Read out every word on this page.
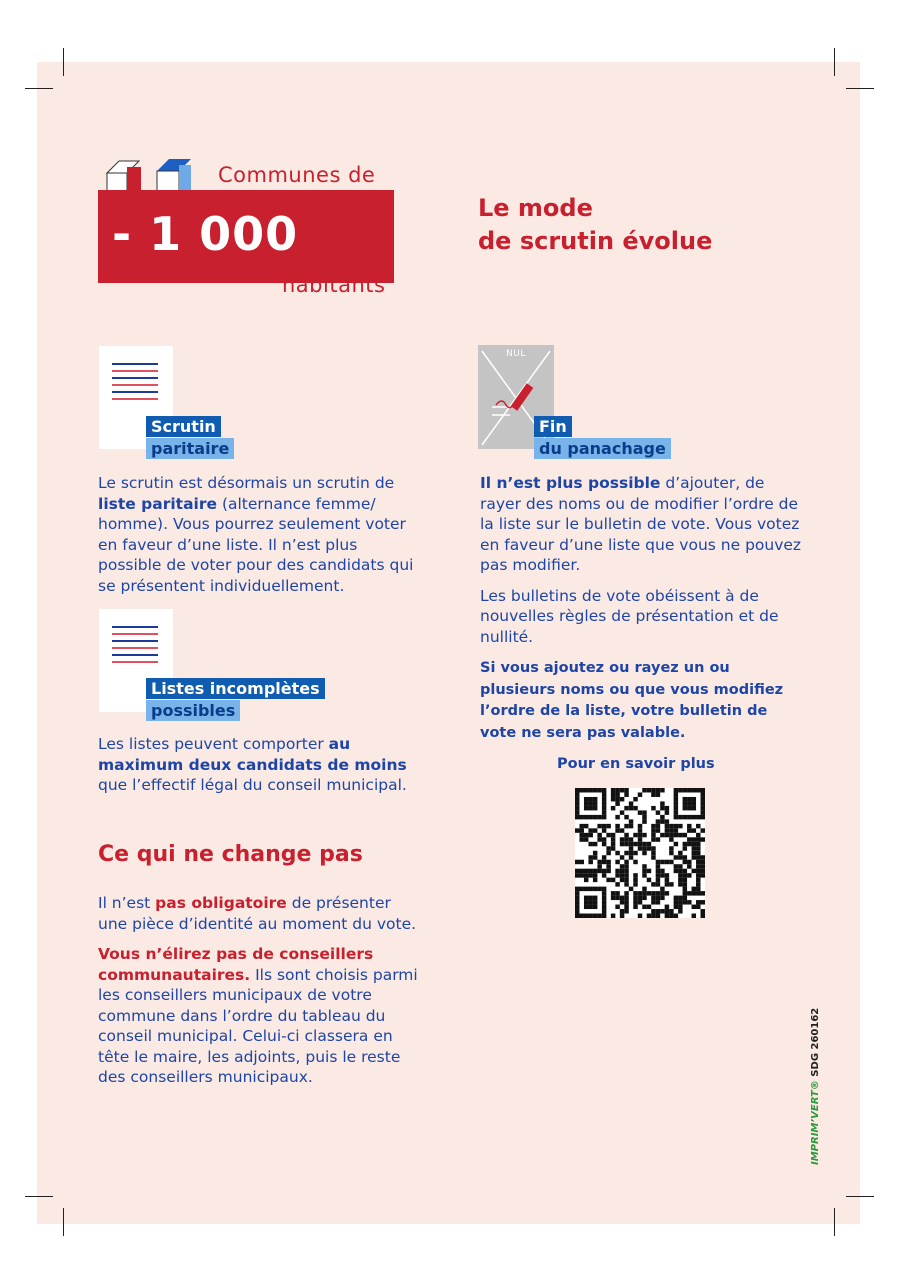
Communes de
- 1 000
habitants
Le mode
de scrutin évolue
Scrutin
paritaire

Le scrutin est désormais un scrutin de liste paritaire (alternance femme/ homme). Vous pourrez seulement voter en faveur d’une liste. Il n’est plus possible de voter pour des candidats qui se présentent individuellement.

Listes incomplètes
possibles

Les listes peuvent comporter au maximum deux candidats de moins que l’effectif légal du conseil municipal.

Ce qui ne change pas

Il n’est pas obligatoire de présenter une pièce d’identité au moment du vote.

Vous n’élirez pas de conseillers communautaires. Ils sont choisis parmi les conseillers municipaux de votre commune dans l’ordre du tableau du conseil municipal. Celui-ci classera en tête le maire, les adjoints, puis le reste des conseillers municipaux.

NUL
Fin
du panachage

Il n’est plus possible d’ajouter, de rayer des noms ou de modifier l’ordre de la liste sur le bulletin de vote. Vous votez en faveur d’une liste que vous ne pouvez pas modifier.

Les bulletins de vote obéissent à de nouvelles règles de présentation et de nullité.

Si vous ajoutez ou rayez un ou plusieurs noms ou que vous modifiez l’ordre de la liste, votre bulletin de vote ne sera pas valable.

Pour en savoir plus
IMPRIM’VERT® SDG 260162
